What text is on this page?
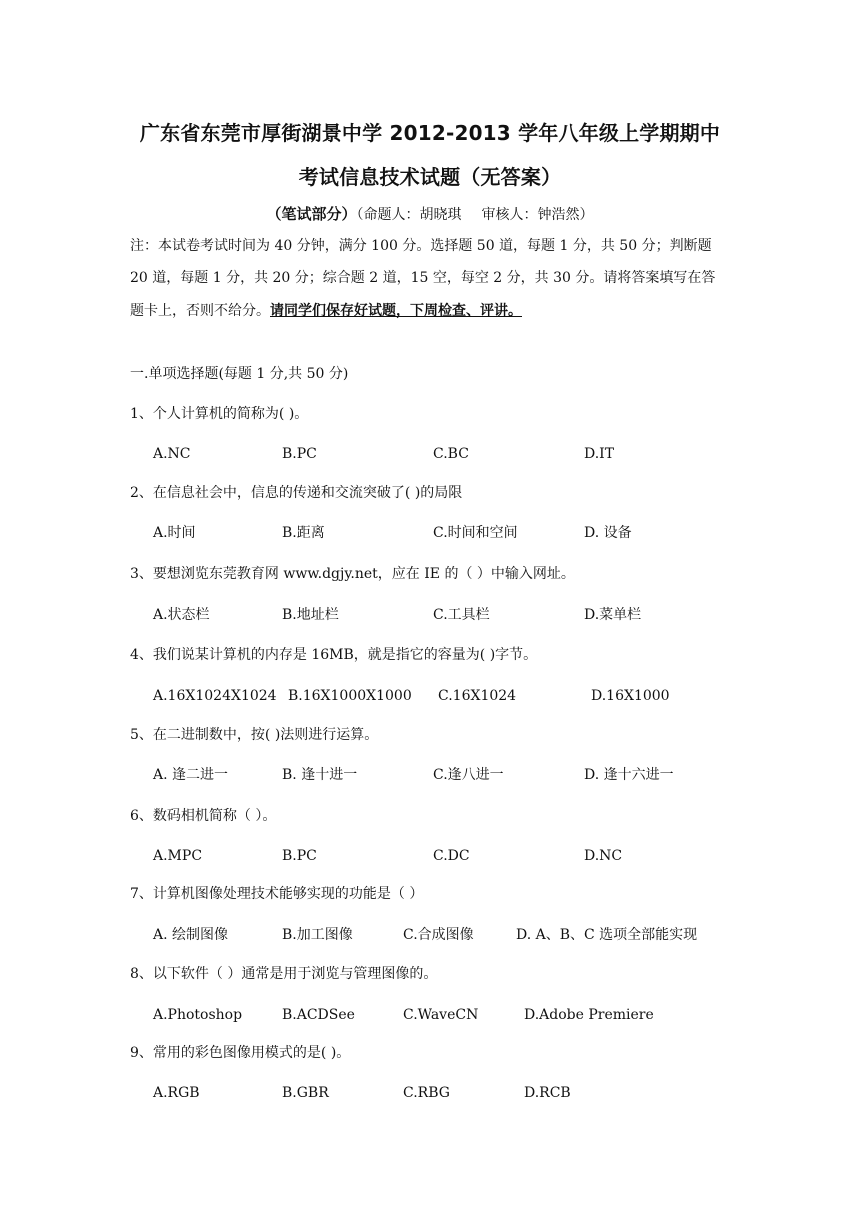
广东省东莞市厚街湖景中学 2012-2013 学年八年级上学期期中
考试信息技术试题（无答案）
（笔试部分）（命题人：胡晓琪 审核人：钟浩然）
注：本试卷考试时间为 40 分钟，满分 100 分。选择题 50 道，每题 1 分，共 50 分；判断题
20 道，每题 1 分，共 20 分；综合题 2 道，15 空，每空 2 分，共 30 分。请将答案填写在答
题卡上，否则不给分。请同学们保存好试题，下周检查、评讲。
一.单项选择题(每题 1 分,共 50 分)
1、个人计算机的简称为( )。
A.NC	B.PC	C.BC	D.IT
2、在信息社会中，信息的传递和交流突破了( )的局限
A.时间	B.距离	C.时间和空间	D. 设备
3、要想浏览东莞教育网 www.dgjy.net，应在 IE 的（ ）中输入网址。
A.状态栏	B.地址栏	C.工具栏	D.菜单栏
4、我们说某计算机的内存是 16MB，就是指它的容量为( )字节。
A.16X1024X1024 B.16X1000X1000 C.16X1024	D.16X1000
5、在二进制数中，按( )法则进行运算。
A. 逢二进一	B. 逢十进一	C.逢八进一	D. 逢十六进一
6、数码相机简称（ ）。
A.MPC	B.PC	C.DC	D.NC
7、计算机图像处理技术能够实现的功能是（ ）
A. 绘制图像	B.加工图像	C.合成图像	D. A、B、C 选项全部能实现
8、以下软件（ ）通常是用于浏览与管理图像的。
A.Photoshop	B.ACDSee	C.WaveCN	D.Adobe Premiere
9、常用的彩色图像用模式的是( )。
A.RGB	B.GBR	C.RBG	D.RCB
